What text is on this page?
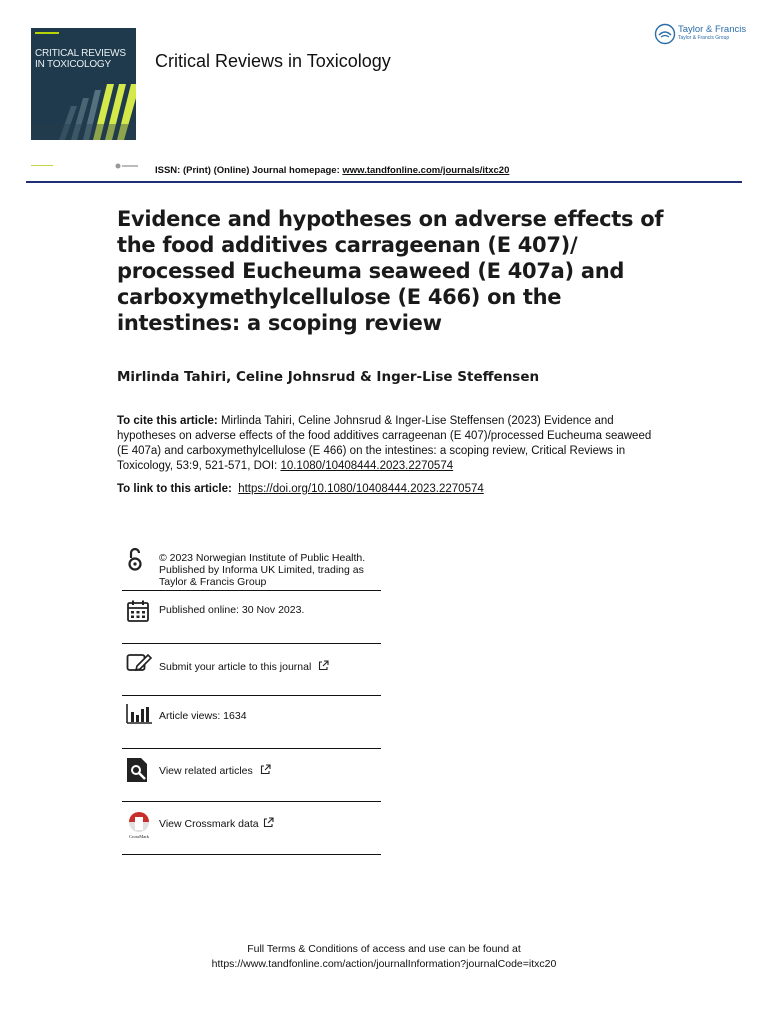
CRITICAL REVIEWS IN TOXICOLOGY	Critical Reviews in Toxicology
Taylor & Francis
Taylor & Francis Group
ISSN: (Print) (Online) Journal homepage: www.tandfonline.com/journals/itxc20
Evidence and hypotheses on adverse effects of the food additives carrageenan (E 407)/ processed Eucheuma seaweed (E 407a) and carboxymethylcellulose (E 466) on the intestines: a scoping review
Mirlinda Tahiri, Celine Johnsrud & Inger-Lise Steffensen
To cite this article: Mirlinda Tahiri, Celine Johnsrud & Inger-Lise Steffensen (2023) Evidence and hypotheses on adverse effects of the food additives carrageenan (E 407)/processed Eucheuma seaweed (E 407a) and carboxymethylcellulose (E 466) on the intestines: a scoping review, Critical Reviews in Toxicology, 53:9, 521-571, DOI: 10.1080/10408444.2023.2270574
To link to this article: https://doi.org/10.1080/10408444.2023.2270574
© 2023 Norwegian Institute of Public Health. Published by Informa UK Limited, trading as Taylor & Francis Group
Published online: 30 Nov 2023.
Submit your article to this journal
Article views: 1634
View related articles
CrossMark
View Crossmark data
Full Terms & Conditions of access and use can be found at
https://www.tandfonline.com/action/journalInformation?journalCode=itxc20
